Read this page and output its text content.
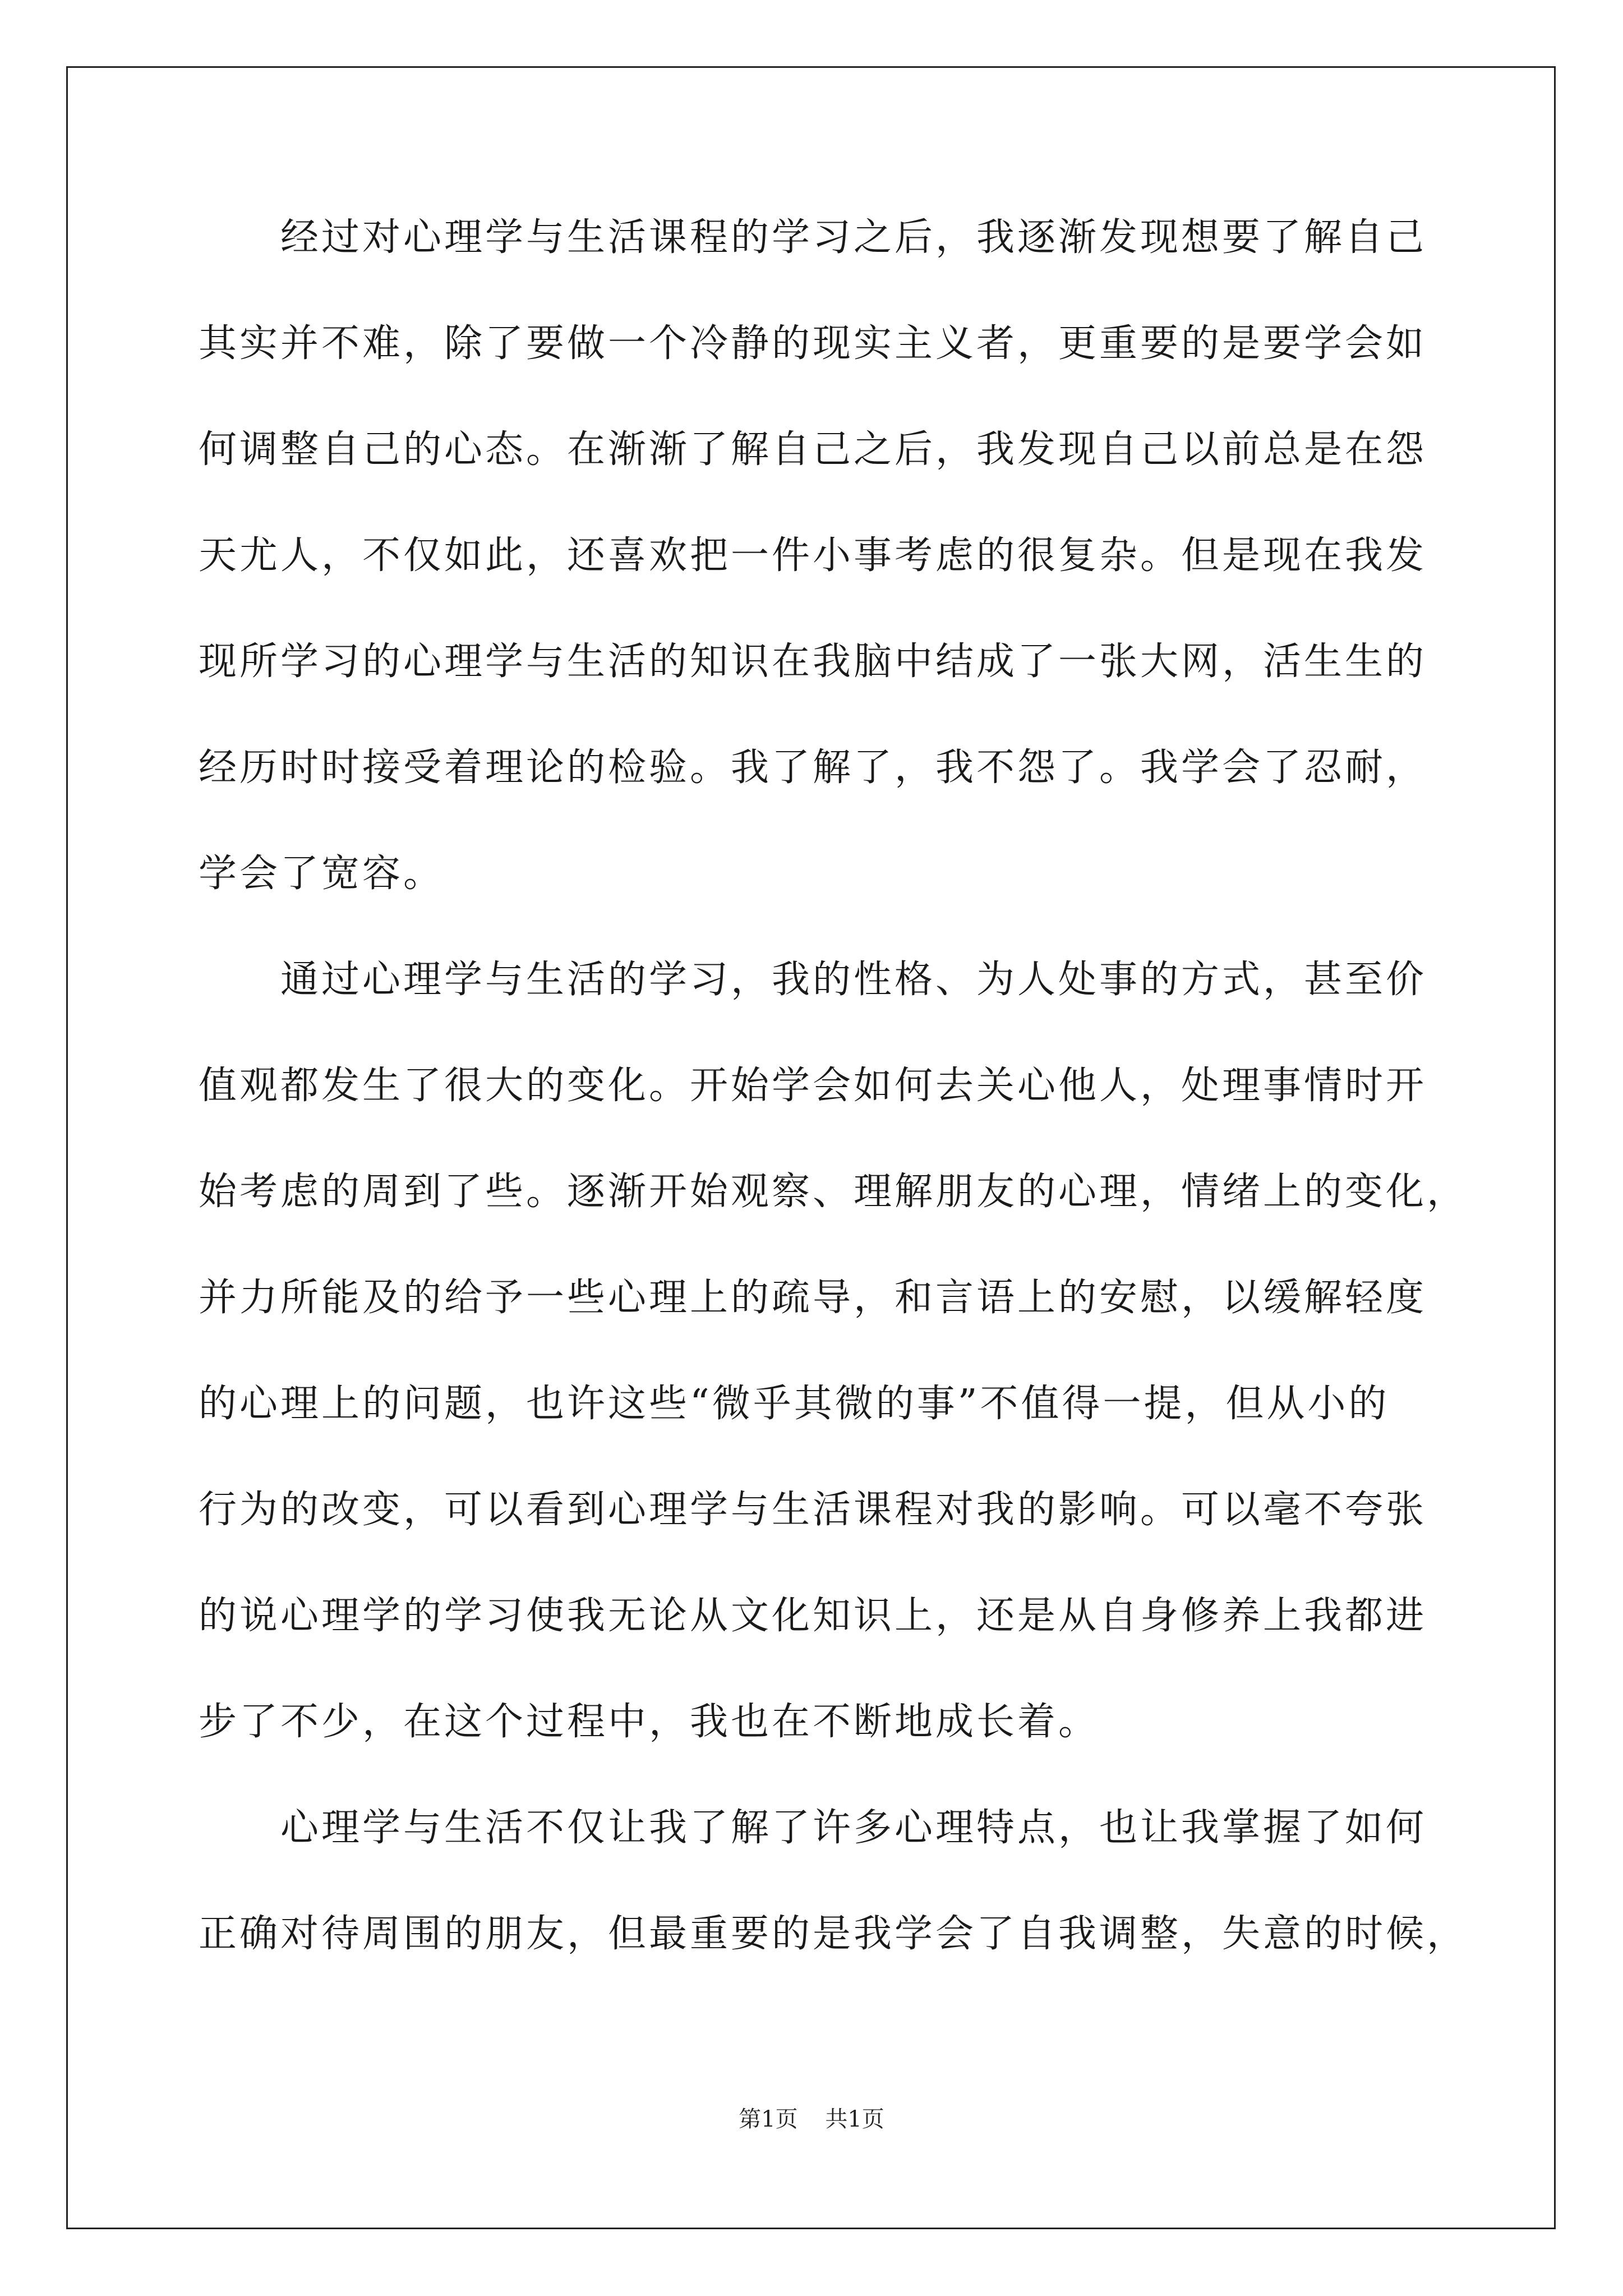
　　经过对心理学与生活课程的学习之后，我逐渐发现想要了解自己
其实并不难，除了要做一个冷静的现实主义者，更重要的是要学会如
何调整自己的心态。在渐渐了解自己之后，我发现自己以前总是在怨
天尤人，不仅如此，还喜欢把一件小事考虑的很复杂。但是现在我发
现所学习的心理学与生活的知识在我脑中结成了一张大网，活生生的
经历时时接受着理论的检验。我了解了，我不怨了。我学会了忍耐，
学会了宽容。
　　通过心理学与生活的学习，我的性格、为人处事的方式，甚至价
值观都发生了很大的变化。开始学会如何去关心他人，处理事情时开
始考虑的周到了些。逐渐开始观察、理解朋友的心理，情绪上的变化，
并力所能及的给予一些心理上的疏导，和言语上的安慰，以缓解轻度
的心理上的问题，也许这些“微乎其微的事”不值得一提，但从小的
行为的改变，可以看到心理学与生活课程对我的影响。可以毫不夸张
的说心理学的学习使我无论从文化知识上，还是从自身修养上我都进
步了不少，在这个过程中，我也在不断地成长着。
　　心理学与生活不仅让我了解了许多心理特点，也让我掌握了如何
正确对待周围的朋友，但最重要的是我学会了自我调整，失意的时候，
第1页 共1页
